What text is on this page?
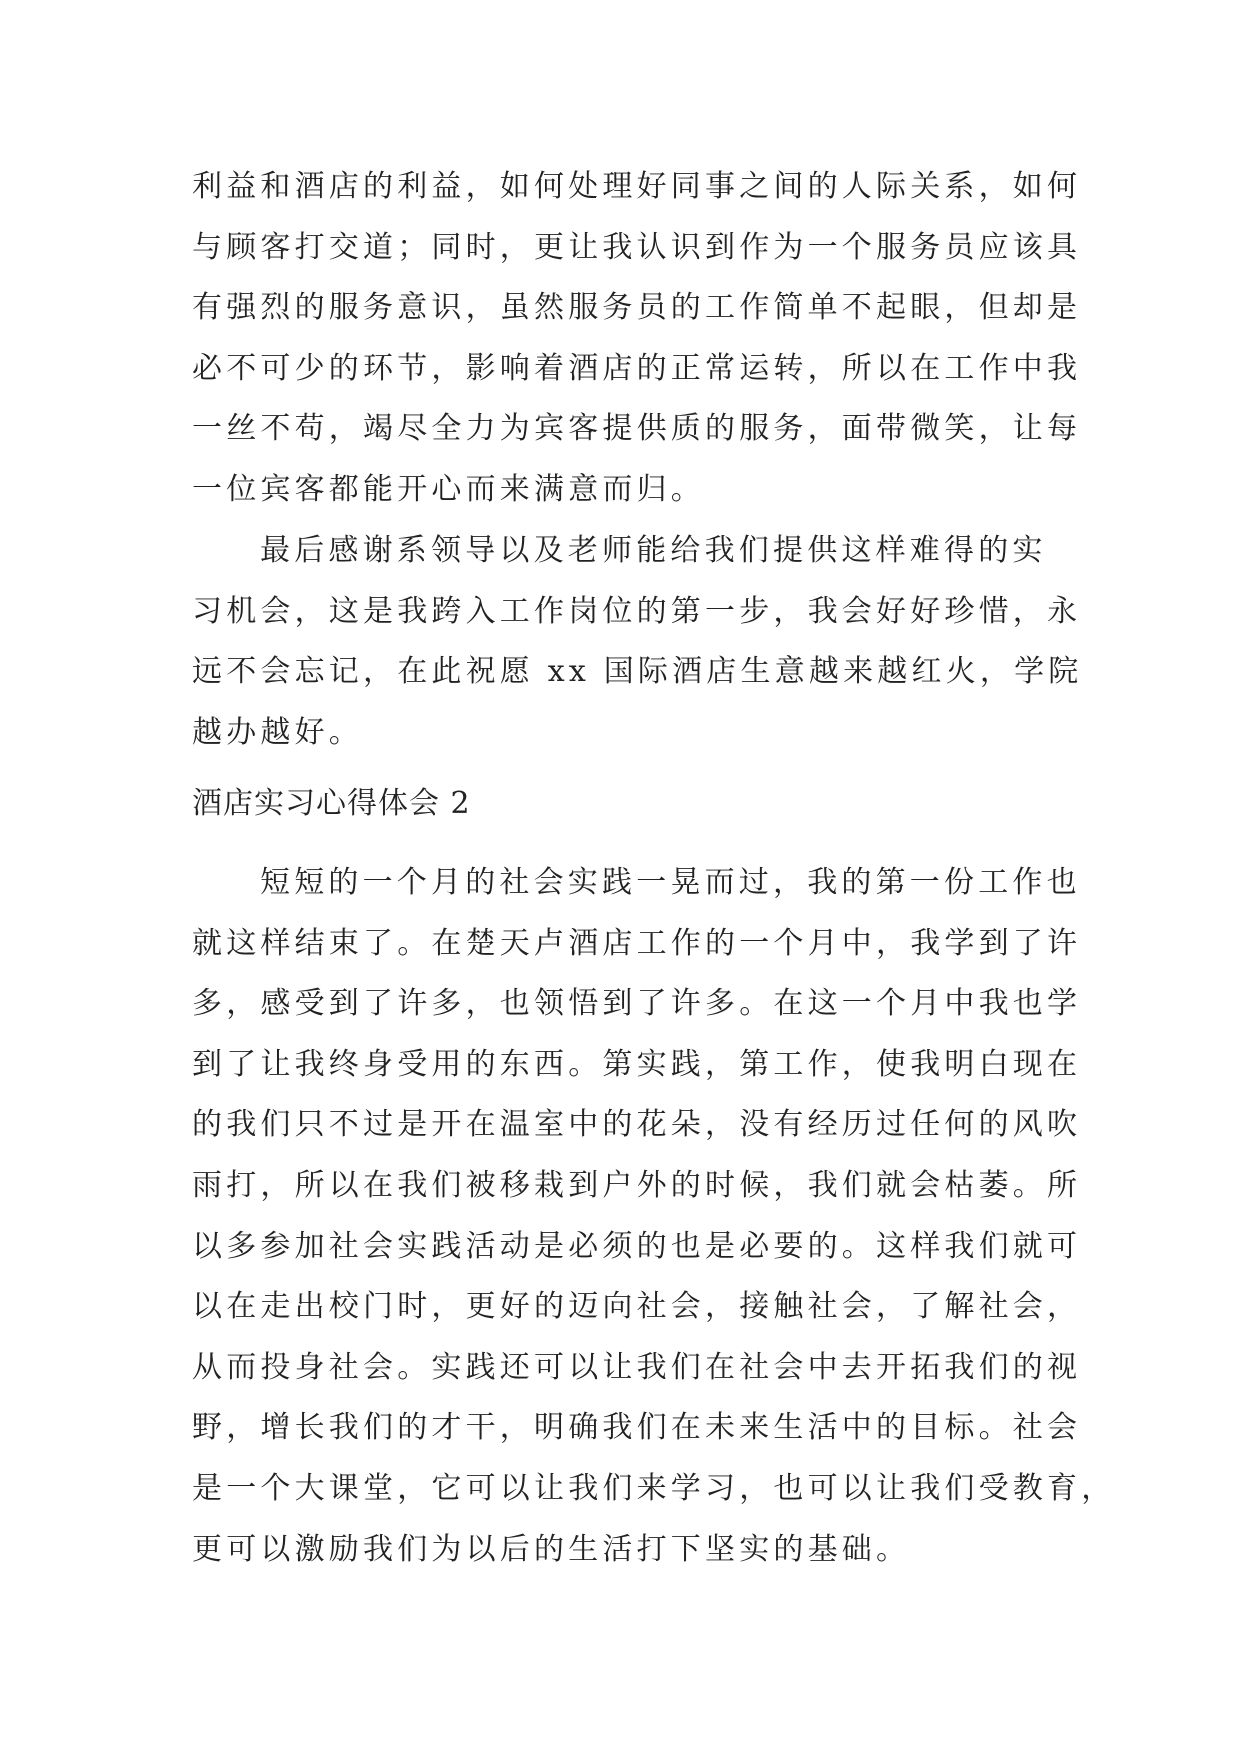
利益和酒店的利益，如何处理好同事之间的人际关系，如何
与顾客打交道；同时，更让我认识到作为一个服务员应该具
有强烈的服务意识，虽然服务员的工作简单不起眼，但却是
必不可少的环节，影响着酒店的正常运转，所以在工作中我
一丝不苟，竭尽全力为宾客提供质的服务，面带微笑，让每
一位宾客都能开心而来满意而归。
最后感谢系领导以及老师能给我们提供这样难得的实
习机会，这是我跨入工作岗位的第一步，我会好好珍惜，永
远不会忘记，在此祝愿 xx 国际酒店生意越来越红火，学院
越办越好。
酒店实习心得体会 2
短短的一个月的社会实践一晃而过，我的第一份工作也
就这样结束了。在楚天卢酒店工作的一个月中，我学到了许
多，感受到了许多，也领悟到了许多。在这一个月中我也学
到了让我终身受用的东西。第实践，第工作，使我明白现在
的我们只不过是开在温室中的花朵，没有经历过任何的风吹
雨打，所以在我们被移栽到户外的时候，我们就会枯萎。所
以多参加社会实践活动是必须的也是必要的。这样我们就可
以在走出校门时，更好的迈向社会，接触社会，了解社会，
从而投身社会。实践还可以让我们在社会中去开拓我们的视
野，增长我们的才干，明确我们在未来生活中的目标。社会
是一个大课堂，它可以让我们来学习，也可以让我们受教育，
更可以激励我们为以后的生活打下坚实的基础。
